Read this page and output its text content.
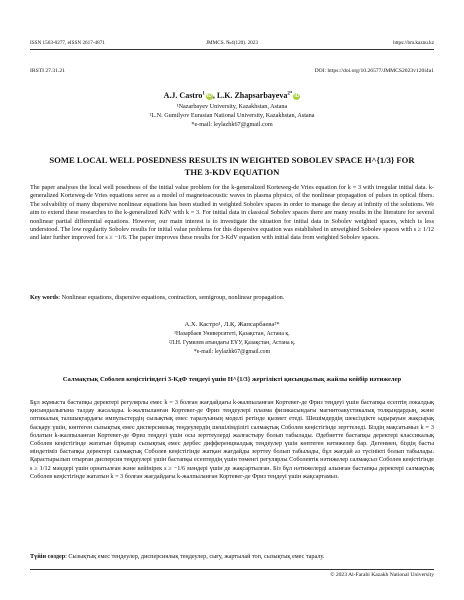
ISSN 1563-0277, eISSN 2617-4871	JMMCS. №4(120). 2023	https://bm.kaznu.kz
IRSTI 27.31.21	DOI: https://doi.org/10.26577/JMMCS2023v120i4a1
A.J. Castro$^1$ iD, L.K. Zhapsarbayeva$^{2*}$ iD
¹Nazarbayev University, Kazakhstan, Astana
²L.N. Gumilyov Eurasian National University, Kazakhstan, Astana
*e-mail: leylazhk67@gmail.com
SOME LOCAL WELL POSEDNESS RESULTS IN WEIGHTED SOBOLEV SPACE H^{1/3} FOR THE 3-KDV EQUATION
The paper analyses the local well posedness of the initial value problem for the k-generalized Korteweg-de Vries equation for k = 3 with irregular initial data. k-generalized Korteweg-de Vries equations serve as a model of magnetoacoustic waves in plasma physics, of the nonlinear propagation of pulses in optical fibers. The solvability of many dispersive nonlinear equations has been studied in weighted Sobolev spaces in order to manage the decay at infinity of the solutions. We aim to extend these researches to the k-generalized KdV with k = 3. For initial data in classical Sobolev spaces there are many results in the literature for several nonlinear partial differential equations. However, our main interest is to investigate the situation for initial data in Sobolev weighted spaces, which is less understood. The low regularity Sobolev results for initial value problems for this dispersive equation was established in unweighted Sobolev spaces with s ≥ 1/12 and later further improved for s ≥ −1/6. The paper improves these results for 3-KdV equation with initial data from weighted Sobolev spaces.
Key words: Nonlinear equations, dispersive equations, contraction, semigroup, nonlinear propagation.
А.Х. Кастро¹, Л.Қ. Жапсарбаева²*
¹Назарбаев Университеті, Қазақстан, Астана қ.
²Л.Н. Гумилев атындағы ЕҰУ, Қазақстан, Астана қ.
*e-mail: leylazhk67@gmail.com
Салмақтық Соболев кеңістігіндегі 3-КдФ теңдеуі үшін H^{1/3} жергілікті қисындылық жайлы кейбір нәтижелер
Бұл жұмыста бастапқы деректері регулярлы емес k = 3 болған жағдайдағы k-жалпыланған Кортевег-де Фриз теңдеуі үшін бастапқы есептің локалдық қисындылығына талдау жасалады. k-жалпыланған Кортевег-де Фриз теңдеулері плазма физикасындағы магнитоакустикалық толқындардың, және оптикалық талшықтардағы импульстердің сызықтық емес таралуының моделі ретінде қызмет етеді. Шешімдердің шексіздікте ыдырауын жақсырақ басқару үшін, көптеген сызықтық емес дисперсиялық теңдеулердің шешілімділігі салмақтық Соболев кеңістігінде зерттеледі. Біздің мақсатымыз k = 3 болатын k-жалпыланған Кортевег-де Фриз теңдеуі үшін осы зерттеулерді жалғастыру болып табылады. Әдебиетте бастапқы деректері классикалық Соболев кеңістігінде жататын бірқатар сызықтық емес дербес дифференциалдық теңдеулер үшін көптеген нәтижелер бар. Дегенмен, біздің басты міндетіміз бастапқы деректері салмақтық Соболев кеңістігінде жатқан жағдайды зерттеу болып табылады, бұл жағдай аз түсінікті болып табылады. Қарастырылып отырған дисперсия теңдеулері үшін бастапқы есептердің үшін төменгі регулярлы Соболевтік нәтижелер салмақсыз Соболев кеңістігінде s ≥ 1/12 мәндері үшін орнатылған және кейінірек s ≥ −1/6 мәндері үшін де жақсартылған. Біз бұл нәтижелерді алынған бастапқы деректері салмақтық Соболев кеңістігінде жататын k = 3 болған жағдайдағы k-жалпыланған Кортевег-де Фриз теңдеуі үшін жақсартамыз.
Түйін сөздер: Сызықтық емес теңдеулер, дисперсиялық теңдеулер, сығу, жартылай топ, сызықтық емес таралу.
© 2023 Al-Farabi Kazakh National University
